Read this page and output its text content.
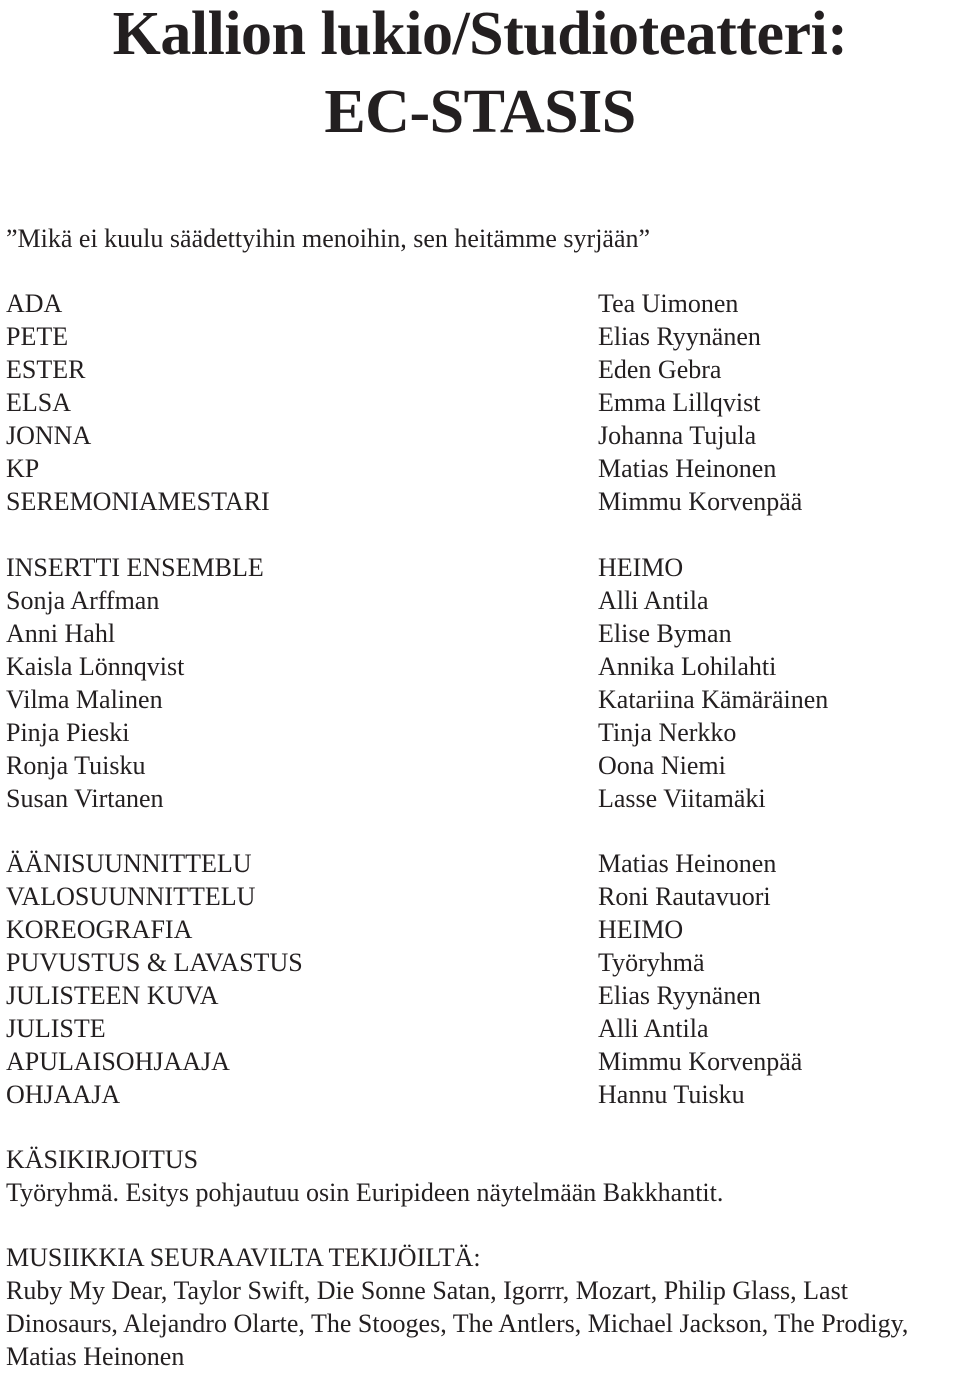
Kallion lukio/Studioteatteri:
EC-STASIS
”Mikä ei kuulu säädettyihin menoihin, sen heitämme syrjään”
ADA
PETE
ESTER
ELSA
JONNA
KP
SEREMONIAMESTARI
Tea Uimonen
Elias Ryynänen
Eden Gebra
Emma Lillqvist
Johanna Tujula
Matias Heinonen
Mimmu Korvenpää
INSERTTI ENSEMBLE
Sonja Arffman
Anni Hahl
Kaisla Lönnqvist
Vilma Malinen
Pinja Pieski
Ronja Tuisku
Susan Virtanen
HEIMO
Alli Antila
Elise Byman
Annika Lohilahti
Katariina Kämäräinen
Tinja Nerkko
Oona Niemi
Lasse Viitamäki
ÄÄNISUUNNITTELU
VALOSUUNNITTELU
KOREOGRAFIA
PUVUSTUS & LAVASTUS
JULISTEEN KUVA
JULISTE
APULAISOHJAAJA
OHJAAJA
Matias Heinonen
Roni Rautavuori
HEIMO
Työryhmä
Elias Ryynänen
Alli Antila
Mimmu Korvenpää
Hannu Tuisku

KÄSIKIRJOITUS

Työryhmä. Esitys pohjautuu osin Euripideen näytelmään Bakkhantit.

MUSIIKKIA SEURAAVILTA TEKIJÖILTÄ:

Ruby My Dear, Taylor Swift, Die Sonne Satan, Igorrr, Mozart, Philip Glass, Last Dinosaurs, Alejandro Olarte, The Stooges, The Antlers, Michael Jackson, The Prodigy, Matias Heinonen
